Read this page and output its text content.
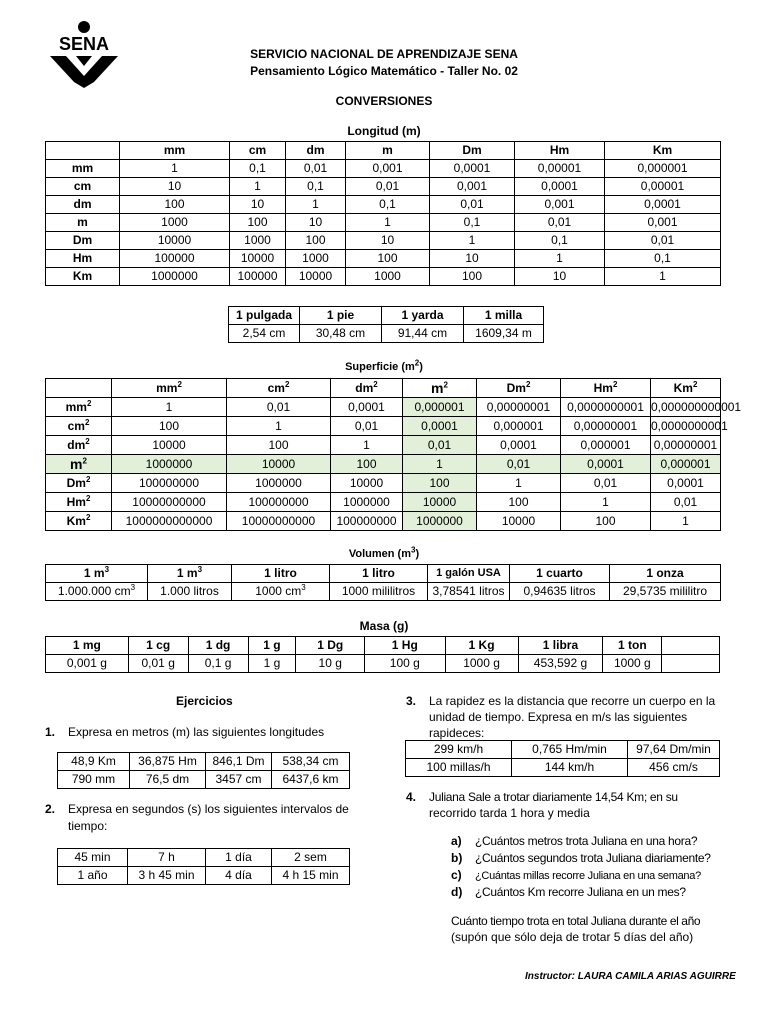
SENA	SERVICIO NACIONAL DE APRENDIZAJE SENA
Pensamiento Lógico Matemático - Taller No. 02
CONVERSIONES
Longitud (m)
	mm	cm	dm	m	Dm	Hm	Km
mm	1	0,1	0,01	0,001	0,0001	0,00001	0,000001
cm	10	1	0,1	0,01	0,001	0,0001	0,00001
dm	100	10	1	0,1	0,01	0,001	0,0001
m	1000	100	10	1	0,1	0,01	0,001
Dm	10000	1000	100	10	1	0,1	0,01
Hm	100000	10000	1000	100	10	1	0,1
Km	1000000	100000	10000	1000	100	10	1
1 pulgada	1 pie	1 yarda	1 milla
2,54 cm	30,48 cm	91,44 cm	1609,34 m
Superficie $(m^2)$
	$mm^2$	$cm^2$	$dm^2$	$m^2$	Dm$^2$	Hm$^2$	Km$^2$
$mm^2$	1	0,01	0,0001	0,000001	0,00000001	0,0000000001	0,000000000001
$cm^2$	100	1	0,01	0,0001	0,000001	0,00000001	0,0000000001
$dm^2$	10000	100	1	0,01	0,0001	0,000001	0,00000001
$m^2$	1000000	10000	100	1	0,01	0,0001	0,000001
Dm$^2$	100000000	1000000	10000	100	1	0,01	0,0001
Hm$^2$	10000000000	100000000	1000000	10000	100	1	0,01
Km$^2$	1000000000000	10000000000	100000000	1000000	10000	100	1
Volumen $(m^3)$
1 $m^3$	1 $m^3$	1 litro	1 litro	1 galón USA	1 cuarto	1 onza
1.000.000 $cm^3$	1.000 litros	1000 $cm^3$	1000 mililitros	3,78541 litros	0,94635 litros	29,5735 mililitro
Masa (g)
1 mg	1 cg	1 dg	1 g	1 Dg	1 Hg	1 Kg	1 libra	1 ton	
0,001 g	0,01 g	0,1 g	1 g	10 g	100 g	1000 g	453,592 g	1000 g	
Ejercicios
1. Expresa en metros (m) las siguientes longitudes
48,9 Km	36,875 Hm	846,1 Dm	538,34 cm
790 mm	76,5 dm	3457 cm	6437,6 km
2. Expresa en segundos (s) los siguientes intervalos de
tiempo:
45 min	7 h	1 día	2 sem
1 año	3 h 45 min	4 día	4 h 15 min
3. La rapidez es la distancia que recorre un cuerpo en la
unidad de tiempo. Expresa en m/s las siguientes
rapideces:
299 km/h	0,765 Hm/min	97,64 Dm/min
100 millas/h	144 km/h	456 cm/s
4. Juliana Sale a trotar diariamente 14,54 Km; en su
recorrido tarda 1 hora y media
a) ¿Cuántos metros trota Juliana en una hora?
b) ¿Cuántos segundos trota Juliana diariamente?
c) ¿Cuántas millas recorre Juliana en una semana?
d) ¿Cuántos Km recorre Juliana en un mes?
Cuánto tiempo trota en total Juliana durante el año
(supón que sólo deja de trotar 5 días del año)
Instructor: LAURA CAMILA ARIAS AGUIRRE
